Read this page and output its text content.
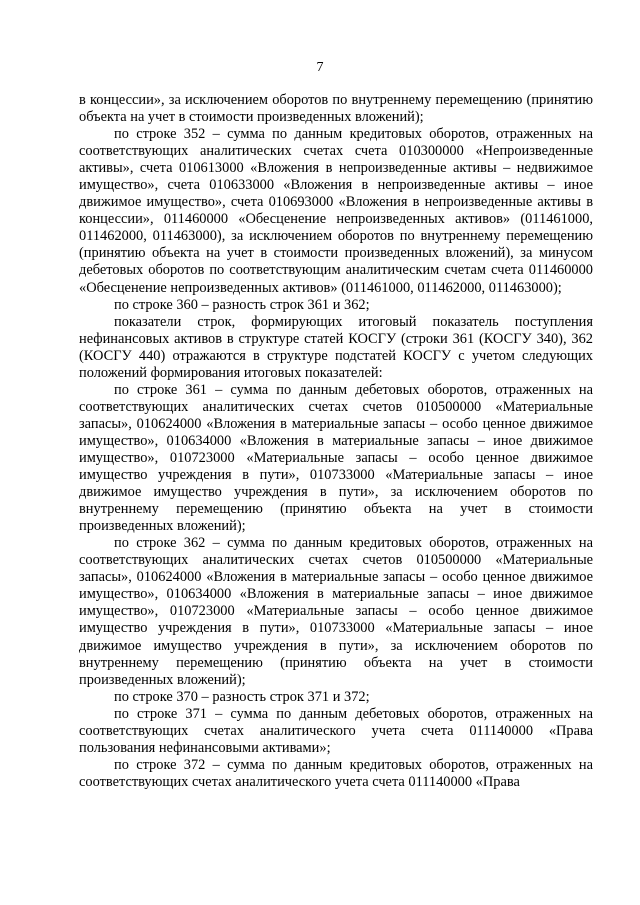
7

в концессии», за исключением оборотов по внутреннему перемещению (принятию объекта на учет в стоимости произведенных вложений);

по строке 352 – сумма по данным кредитовых оборотов, отраженных на соответствующих аналитических счетах счета 010300000 «Непроизведенные активы», счета 010613000 «Вложения в непроизведенные активы – недвижимое имущество», счета 010633000 «Вложения в непроизведенные активы – иное движимое имущество», счета 010693000 «Вложения в непроизведенные активы в концессии», 011460000 «Обесценение непроизведенных активов» (011461000, 011462000, 011463000), за исключением оборотов по внутреннему перемещению (принятию объекта на учет в стоимости произведенных вложений), за минусом дебетовых оборотов по соответствующим аналитическим счетам счета 011460000 «Обесценение непроизведенных активов» (011461000, 011462000, 011463000);

по строке 360 – разность строк 361 и 362;

показатели строк, формирующих итоговый показатель поступления нефинансовых активов в структуре статей КОСГУ (строки 361 (КОСГУ 340), 362 (КОСГУ 440) отражаются в структуре подстатей КОСГУ с учетом следующих положений формирования итоговых показателей:

по строке 361 – сумма по данным дебетовых оборотов, отраженных на соответствующих аналитических счетах счетов 010500000 «Материальные запасы», 010624000 «Вложения в материальные запасы – особо ценное движимое имущество», 010634000 «Вложения в материальные запасы – иное движимое имущество», 010723000 «Материальные запасы – особо ценное движимое имущество учреждения в пути», 010733000 «Материальные запасы – иное движимое имущество учреждения в пути», за исключением оборотов по внутреннему перемещению (принятию объекта на учет в стоимости произведенных вложений);

по строке 362 – сумма по данным кредитовых оборотов, отраженных на соответствующих аналитических счетах счетов 010500000 «Материальные запасы», 010624000 «Вложения в материальные запасы – особо ценное движимое имущество», 010634000 «Вложения в материальные запасы – иное движимое имущество», 010723000 «Материальные запасы – особо ценное движимое имущество учреждения в пути», 010733000 «Материальные запасы – иное движимое имущество учреждения в пути», за исключением оборотов по внутреннему перемещению (принятию объекта на учет в стоимости произведенных вложений);

по строке 370 – разность строк 371 и 372;

по строке 371 – сумма по данным дебетовых оборотов, отраженных на соответствующих счетах аналитического учета счета 011140000 «Права пользования нефинансовыми активами»;

по строке 372 – сумма по данным кредитовых оборотов, отраженных на соответствующих счетах аналитического учета счета 011140000 «Права
